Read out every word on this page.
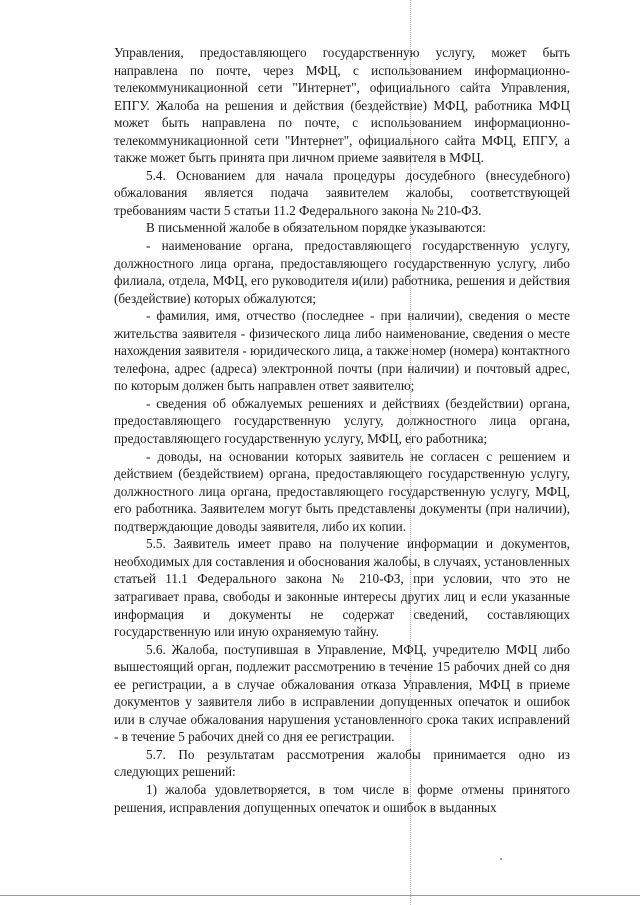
Управления, предоставляющего государственную услугу, может быть направлена по почте, через МФЦ, с использованием информационно-телекоммуникационной сети "Интернет", официального сайта Управления, ЕПГУ. Жалоба на решения и действия (бездействие) МФЦ, работника МФЦ может быть направлена по почте, с использованием информационно-телекоммуникационной сети "Интернет", официального сайта МФЦ, ЕПГУ, а также может быть принята при личном приеме заявителя в МФЦ.

5.4. Основанием для начала процедуры досудебного (внесудебного) обжалования является подача заявителем жалобы, соответствующей требованиям части 5 статьи 11.2 Федерального закона № 210-ФЗ.

В письменной жалобе в обязательном порядке указываются:

- наименование органа, предоставляющего государственную услугу, должностного лица органа, предоставляющего государственную услугу, либо филиала, отдела, МФЦ, его руководителя и(или) работника, решения и действия (бездействие) которых обжалуются;

- фамилия, имя, отчество (последнее - при наличии), сведения о месте жительства заявителя - физического лица либо наименование, сведения о месте нахождения заявителя - юридического лица, а также номер (номера) контактного телефона, адрес (адреса) электронной почты (при наличии) и почтовый адрес, по которым должен быть направлен ответ заявителю;

- сведения об обжалуемых решениях и действиях (бездействии) органа, предоставляющего государственную услугу, должностного лица органа, предоставляющего государственную услугу, МФЦ, его работника;

- доводы, на основании которых заявитель не согласен с решением и действием (бездействием) органа, предоставляющего государственную услугу, должностного лица органа, предоставляющего государственную услугу, МФЦ, его работника. Заявителем могут быть представлены документы (при наличии), подтверждающие доводы заявителя, либо их копии.

5.5. Заявитель имеет право на получение информации и документов, необходимых для составления и обоснования жалобы, в случаях, установленных статьей 11.1 Федерального закона № 210-ФЗ, при условии, что это не затрагивает права, свободы и законные интересы других лиц и если указанные информация и документы не содержат сведений, составляющих государственную или иную охраняемую тайну.

5.6. Жалоба, поступившая в Управление, МФЦ, учредителю МФЦ либо вышестоящий орган, подлежит рассмотрению в течение 15 рабочих дней со дня ее регистрации, а в случае обжалования отказа Управления, МФЦ в приеме документов у заявителя либо в исправлении допущенных опечаток и ошибок или в случае обжалования нарушения установленного срока таких исправлений - в течение 5 рабочих дней со дня ее регистрации.

5.7. По результатам рассмотрения жалобы принимается одно из следующих решений:

1) жалоба удовлетворяется, в том числе в форме отмены принятого решения, исправления допущенных опечаток и ошибок в выданных
